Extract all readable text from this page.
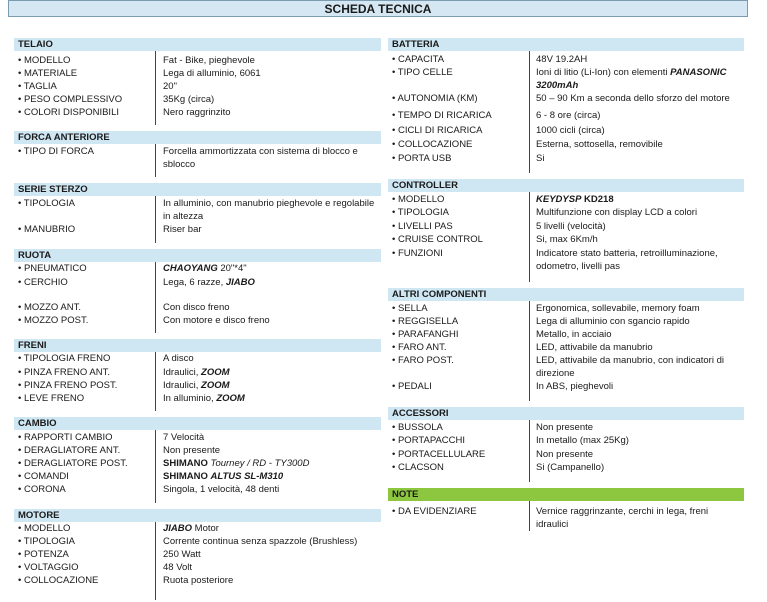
SCHEDA TECNICA
TELAIO
• MODELLO	Fat - Bike, pieghevole
• MATERIALE	Lega di alluminio, 6061
• TAGLIA	20"
• PESO COMPLESSIVO	35Kg (circa)
• COLORI DISPONIBILI	Nero raggrinzito
FORCA ANTERIORE
• TIPO DI FORCA	Forcella ammortizzata con sistema di blocco e sblocco
SERIE STERZO
• TIPOLOGIA	In alluminio, con manubrio pieghevole e regolabile in altezza
• MANUBRIO	Riser bar
RUOTA
• PNEUMATICO	CHAOYANG 20"*4"
• CERCHIO	Lega, 6 razze, JIABO
• MOZZO ANT.	Con disco freno
• MOZZO POST.	Con motore e disco freno
FRENI
• TIPOLOGIA FRENO	A disco
• PINZA FRENO ANT.	Idraulici, ZOOM
• PINZA FRENO POST.	Idraulici, ZOOM
• LEVE FRENO	In alluminio, ZOOM
CAMBIO
• RAPPORTI CAMBIO	7 Velocità
• DERAGLIATORE ANT.	Non presente
• DERAGLIATORE POST.	SHIMANO Tourney / RD - TY300D
• COMANDI	SHIMANO ALTUS SL-M310
• CORONA	Singola, 1 velocità, 48 denti
MOTORE
• MODELLO	JIABO Motor
• TIPOLOGIA	Corrente continua senza spazzole (Brushless)
• POTENZA	250 Watt
• VOLTAGGIO	48 Volt
• COLLOCAZIONE	Ruota posteriore
BATTERIA
• CAPACITA	48V 19.2AH
• TIPO CELLE	Ioni di litio (Li-Ion) con elementi PANASONIC 3200mAh
• AUTONOMIA (KM)	50 – 90 Km a seconda dello sforzo del motore
• TEMPO DI RICARICA	6 - 8 ore (circa)
• CICLI DI RICARICA	1000 cicli (circa)
• COLLOCAZIONE	Esterna, sottosella, removibile
• PORTA USB	Si
CONTROLLER
• MODELLO	KEYDYSP KD218
• TIPOLOGIA	Multifunzione con display LCD a colori
• LIVELLI PAS	5 livelli (velocità)
• CRUISE CONTROL	Si, max 6Km/h
• FUNZIONI	Indicatore stato batteria, retroilluminazione, odometro, livelli pas
ALTRI COMPONENTI
• SELLA	Ergonomica, sollevabile, memory foam
• REGGISELLA	Lega di alluminio con sgancio rapido
• PARAFANGHI	Metallo, in acciaio
• FARO ANT.	LED, attivabile da manubrio
• FARO POST.	LED, attivabile da manubrio, con indicatori di direzione
• PEDALI	In ABS, pieghevoli
ACCESSORI
• BUSSOLA	Non presente
• PORTAPACCHI	In metallo (max 25Kg)
• PORTACELLULARE	Non presente
• CLACSON	Si (Campanello)
NOTE
• DA EVIDENZIARE	Vernice raggrinzante, cerchi in lega, freni idraulici
